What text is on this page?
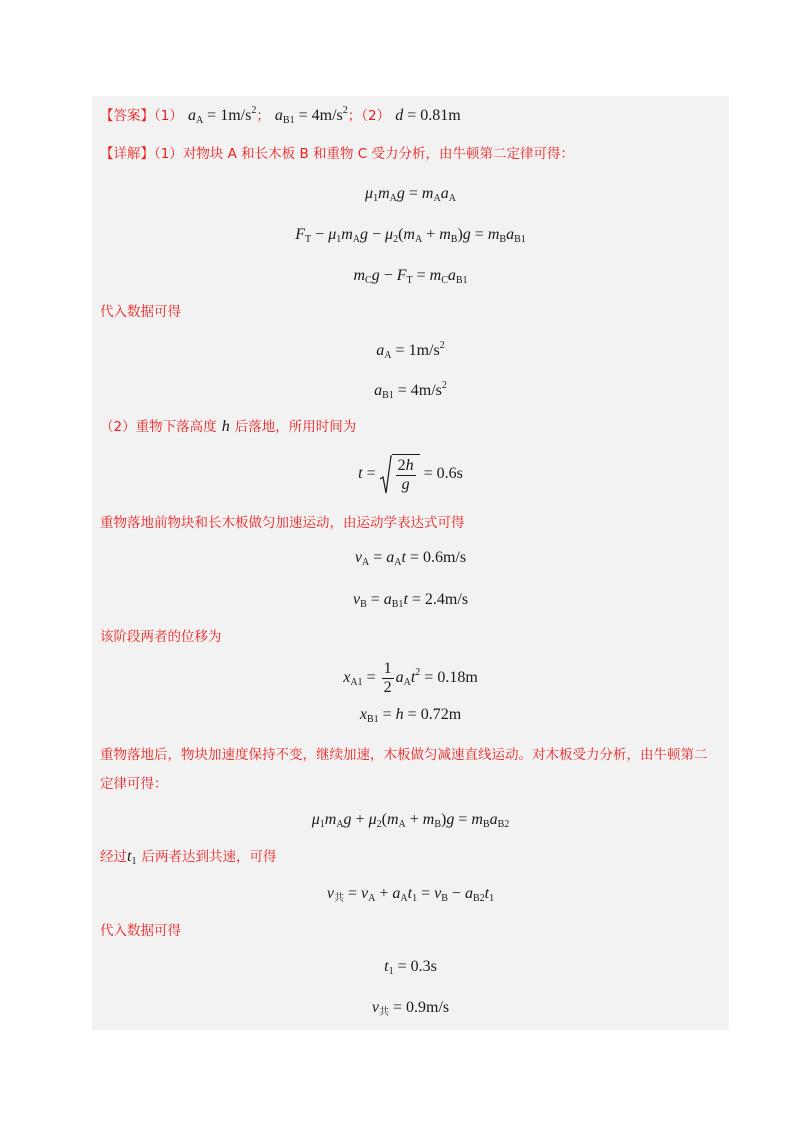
【答案】（1） $a_A = 1m/s^2$； $a_{B1} = 4m/s^2$；（2） d = 0.81m
【详解】（1）对物块 A 和长木板 B 和重物 C 受力分析，由牛顿第二定律可得：
$\mu_1m_Ag = m_Aa_A$
$F_T - \mu_1m_Ag - \mu_2(m_A + m_B)g = m_Ba_{B1}$
$m_Cg - F_T = m_Ca_{B1}$
代入数据可得
$a_A = 1m/s^2$
$a_{B1} = 4m/s^2$
（2）重物下落高度 h 后落地，所用时间为
$t = \frac{2h}{g} = 0.6s$
重物落地前物块和长木板做匀加速运动，由运动学表达式可得
$v_A = a_At = 0.6m/s$
$v_B = a_{B1}t = 2.4m/s$
该阶段两者的位移为
$x_{A1} = \frac{1}{2} a_At^2 = 0.18m$
$x_{B1} = h = 0.72m$
重物落地后，物块加速度保持不变，继续加速，木板做匀减速直线运动。对木板受力分析，由牛顿第二
定律可得：
$\mu_1m_Ag + \mu_2(m_A + m_B)g = m_Ba_{B2}$
经过$t_1$ 后两者达到共速，可得
$v_共 = v_A + a_At_1 = v_B - a_{B2}t_1$
代入数据可得
$t_1 = 0.3s$
$v_共 = 0.9m/s$
